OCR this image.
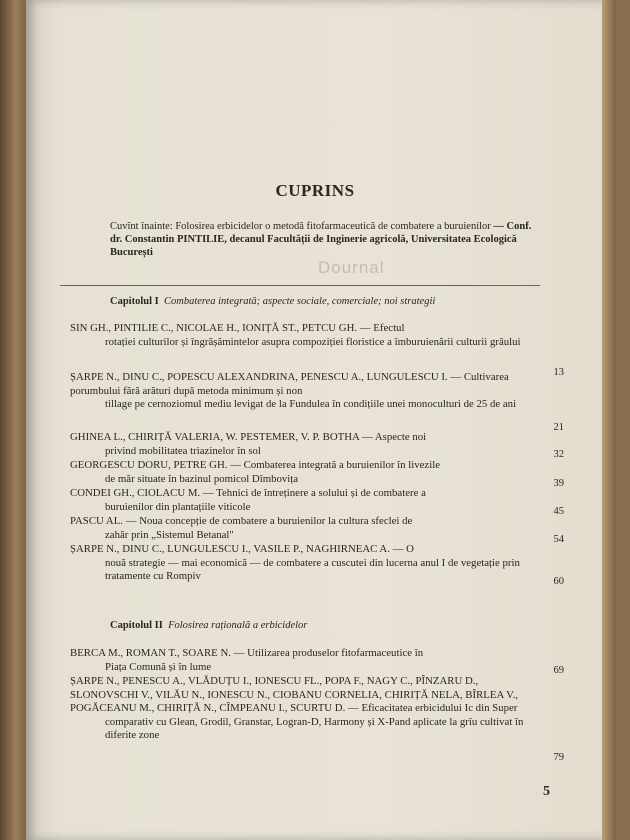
CUPRINS
Dournal
Cuvînt înainte: Folosirea erbicidelor o metodă fitofarmaceutică de combatere a buruienilor — Conf. dr. Constantin PINTILIE, decanul Facultății de Inginerie agricolă, Universitatea Ecologică București
Capitolul I Combaterea integrată; aspecte sociale, comerciale; noi strategii
SIN GH., PINTILIE C., NICOLAE H., IONIȚĂ ST., PETCU GH. — Efectul
rotației culturilor și îngrășămintelor asupra compoziției floristice a îmburuienării culturii grâului
13
ȘARPE N., DINU C., POPESCU ALEXANDRINA, PENESCU A., LUNGULESCU I. — Cultivarea porumbului fără arături după metoda minimum și non
tillage pe cernoziomul mediu levigat de la Fundulea în condițiile unei monoculturi de 25 de ani
21
GHINEA L., CHIRIȚĂ VALERIA, W. PESTEMER, V. P. BOTHA — Aspecte noi
privind mobilitatea triazinelor în sol	32
GEORGESCU DORU, PETRE GH. — Combaterea integrată a buruienilor în livezile
de măr situate în bazinul pomicol Dîmbovița	39
CONDEI GH., CIOLACU M. — Tehnici de întreținere a solului și de combatere a
buruienilor din plantațiile viticole	45
PASCU AL. — Noua concepție de combatere a buruienilor la cultura sfeclei de
zahăr prin „Sistemul Betanal"	54
ȘARPE N., DINU C., LUNGULESCU I., VASILE P., NAGHIRNEAC A. — O
nouă strategie — mai economică — de combatere a cuscutei din lucerna anul I de vegetație prin tratamente cu Rompiv	60
Capitolul II Folosirea rațională a erbicidelor
BERCA M., ROMAN T., SOARE N. — Utilizarea produselor fitofarmaceutice în
Piața Comună și în lume	69
ȘARPE N., PENESCU A., VLĂDUȚU I., IONESCU FL., POPA F., NAGY C., PÎNZARU D., SLONOVSCHI V., VILĂU N., IONESCU N., CIOBANU CORNELIA, CHIRIȚĂ NELA, BÎRLEA V., POGĂCEANU M., CHIRIȚĂ N., CÎMPEANU I., SCURTU D. — Eficacitatea erbicidului Ic din Super
comparativ cu Glean, Grodil, Granstar, Logran-D, Harmony și X-Pand aplicate la grîu cultivat în diferite zone
79
5
